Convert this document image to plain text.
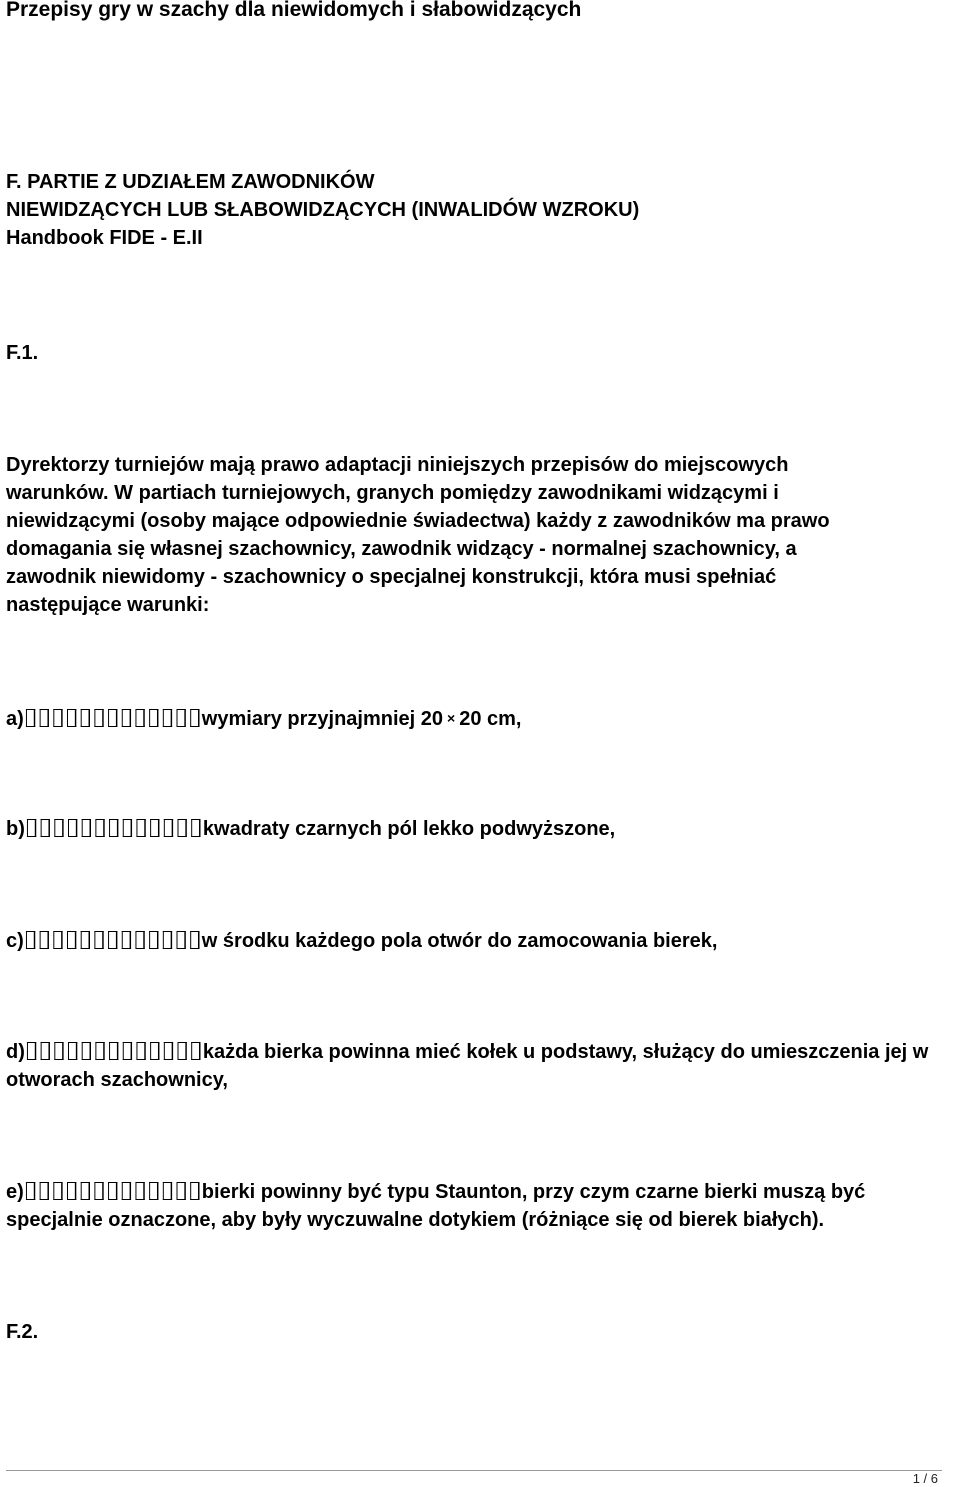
Przepisy gry w szachy dla niewidomych i słabowidzących
F. PARTIE Z UDZIAŁEM ZAWODNIKÓW
NIEWIDZĄCYCH LUB SŁABOWIDZĄCYCH (INWALIDÓW WZROKU)
Handbook FIDE - E.II
F.1.
Dyrektorzy turniejów mają prawo adaptacji niniejszych przepisów do miejscowych
warunków. W partiach turniejowych, granych pomiędzy zawodnikami widzącymi i
niewidzącymi (osoby mające odpowiednie świadectwa) każdy z zawodników ma prawo
domagania się własnej szachownicy, zawodnik widzący - normalnej szachownicy, a
zawodnik niewidomy - szachownicy o specjalnej konstrukcji, która musi spełniać
następujące warunki:
a)	wymiary przyjnajmniej 20 × 20 cm,
b)	kwadraty czarnych pól lekko podwyższone,
c)	w środku każdego pola otwór do zamocowania bierek,
d)	każda bierka powinna mieć kołek u podstawy, służący do umieszczenia jej w otworach szachownicy,
e)	bierki powinny być typu Staunton, przy czym czarne bierki muszą być specjalnie oznaczone, aby były wyczuwalne dotykiem (różniące się od bierek białych).
F.2.
1 / 6
